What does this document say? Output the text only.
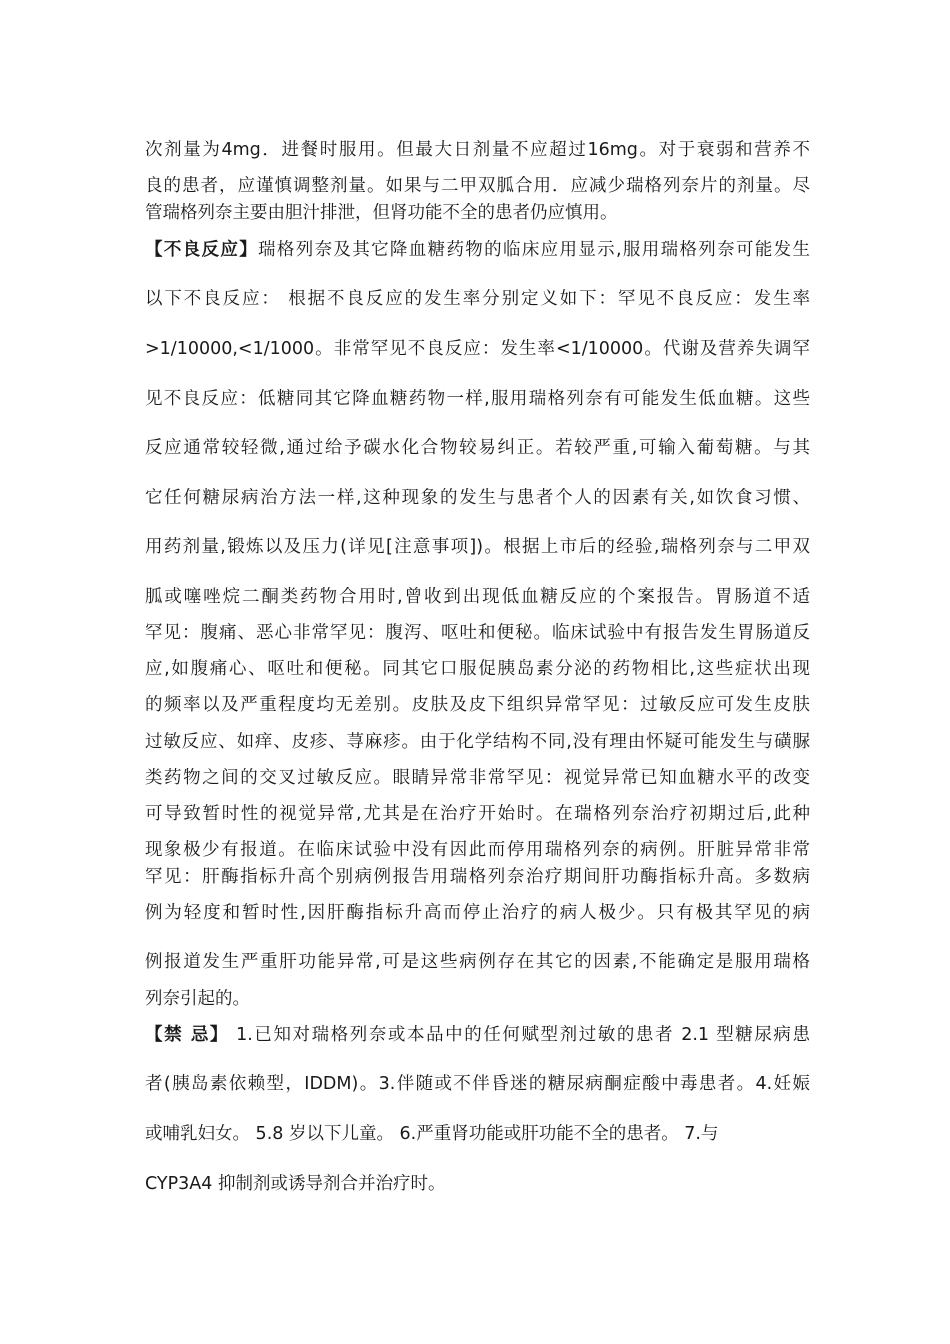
次剂量为4mg．进餐时服用。但最大日剂量不应超过16mg。对于衰弱和营养不
良的患者，应谨慎调整剂量。如果与二甲双胍合用．应减少瑞格列奈片的剂量。尽
管瑞格列奈主要由胆汁排泄，但肾功能不全的患者仍应慎用。
【不良反应】瑞格列奈及其它降血糖药物的临床应用显示,服用瑞格列奈可能发生
以下不良反应： 根据不良反应的发生率分别定义如下：罕见不良反应：发生率
>1/10000,<1/1000。非常罕见不良反应：发生率<1/10000。代谢及营养失调罕
见不良反应：低糖同其它降血糖药物一样,服用瑞格列奈有可能发生低血糖。这些
反应通常较轻微,通过给予碳水化合物较易纠正。若较严重,可输入葡萄糖。与其
它任何糖尿病治方法一样,这种现象的发生与患者个人的因素有关,如饮食习惯、
用药剂量,锻炼以及压力(详见[注意事项])。根据上市后的经验,瑞格列奈与二甲双
胍或噻唑烷二酮类药物合用时,曾收到出现低血糖反应的个案报告。胃肠道不适
罕见：腹痛、恶心非常罕见：腹泻、呕吐和便秘。临床试验中有报告发生胃肠道反
应,如腹痛心、呕吐和便秘。同其它口服促胰岛素分泌的药物相比,这些症状出现
的频率以及严重程度均无差别。皮肤及皮下组织异常罕见：过敏反应可发生皮肤
过敏反应、如痒、皮疹、荨麻疹。由于化学结构不同,没有理由怀疑可能发生与磺脲
类药物之间的交叉过敏反应。眼睛异常非常罕见：视觉异常已知血糖水平的改变
可导致暂时性的视觉异常,尤其是在治疗开始时。在瑞格列奈治疗初期过后,此种
现象极少有报道。在临床试验中没有因此而停用瑞格列奈的病例。肝脏异常非常
罕见：肝酶指标升高个别病例报告用瑞格列奈治疗期间肝功酶指标升高。多数病
例为轻度和暂时性,因肝酶指标升高而停止治疗的病人极少。只有极其罕见的病
例报道发生严重肝功能异常,可是这些病例存在其它的因素,不能确定是服用瑞格
列奈引起的。
【禁 忌】 1.已知对瑞格列奈或本品中的任何赋型剂过敏的患者 2.1 型糖尿病患
者(胰岛素依赖型，IDDM)。3.伴随或不伴昏迷的糖尿病酮症酸中毒患者。4.妊娠
或哺乳妇女。 5.8 岁以下儿童。 6.严重肾功能或肝功能不全的患者。 7.与
CYP3A4 抑制剂或诱导剂合并治疗时。
